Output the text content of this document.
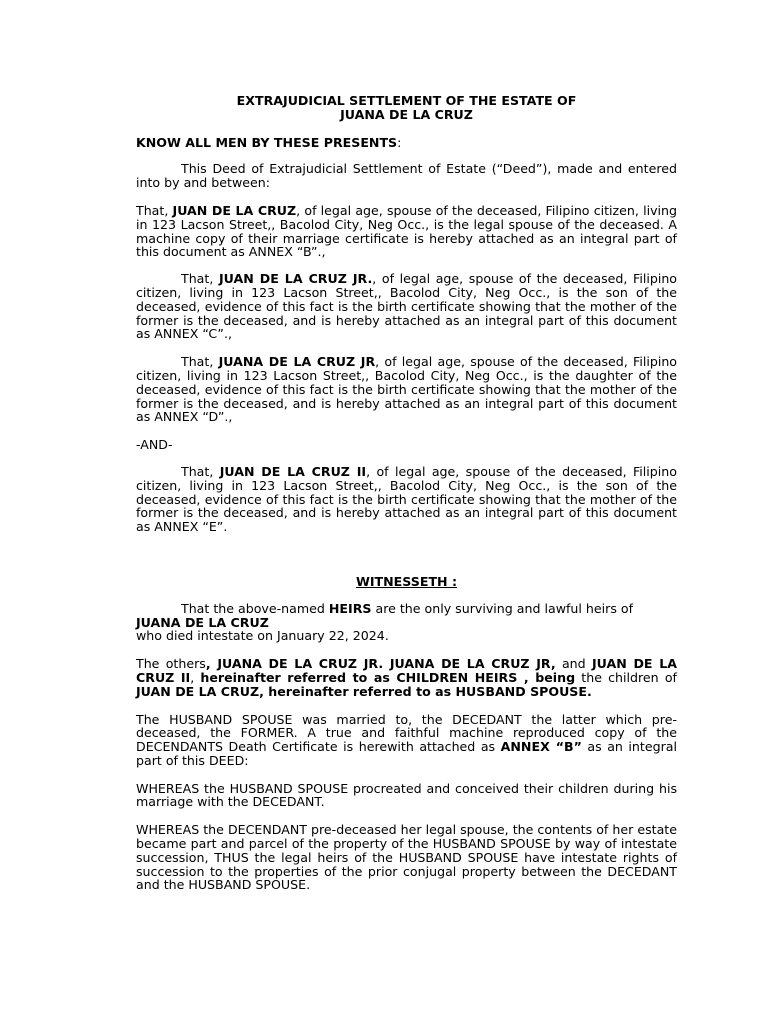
EXTRAJUDICIAL SETTLEMENT OF THE ESTATE OF
JUANA DE LA CRUZ

KNOW ALL MEN BY THESE PRESENTS:

This Deed of Extrajudicial Settlement of Estate (“Deed”), made and entered into by and between:

That, JUAN DE LA CRUZ, of legal age, spouse of the deceased, Filipino citizen, living in 123 Lacson Street,, Bacolod City, Neg Occ., is the legal spouse of the deceased. A machine copy of their marriage certificate is hereby attached as an integral part of this document as ANNEX “B”.,

That, JUAN DE LA CRUZ JR., of legal age, spouse of the deceased, Filipino citizen, living in 123 Lacson Street,, Bacolod City, Neg Occ., is the son of the deceased, evidence of this fact is the birth certificate showing that the mother of the former is the deceased, and is hereby attached as an integral part of this document as ANNEX “C”.,

That, JUANA DE LA CRUZ JR, of legal age, spouse of the deceased, Filipino citizen, living in 123 Lacson Street,, Bacolod City, Neg Occ., is the daughter of the deceased, evidence of this fact is the birth certificate showing that the mother of the former is the deceased, and is hereby attached as an integral part of this document as ANNEX “D”.,

-AND-

That, JUAN DE LA CRUZ II, of legal age, spouse of the deceased, Filipino citizen, living in 123 Lacson Street,, Bacolod City, Neg Occ., is the son of the deceased, evidence of this fact is the birth certificate showing that the mother of the former is the deceased, and is hereby attached as an integral part of this document as ANNEX “E”.

WITNESSETH :

That the above-named HEIRS are the only surviving and lawful heirs of

JUANA DE LA CRUZ

who died intestate on January 22, 2024.

The others, JUANA DE LA CRUZ JR. JUANA DE LA CRUZ JR, and JUAN DE LA CRUZ II, hereinafter referred to as CHILDREN HEIRS , being the children of JUAN DE LA CRUZ, hereinafter referred to as HUSBAND SPOUSE.

The HUSBAND SPOUSE was married to, the DECEDANT the latter which pre-deceased, the FORMER. A true and faithful machine reproduced copy of the DECENDANTS Death Certificate is herewith attached as ANNEX “B” as an integral part of this DEED:

WHEREAS the HUSBAND SPOUSE procreated and conceived their children during his marriage with the DECEDANT.

WHEREAS the DECENDANT pre-deceased her legal spouse, the contents of her estate became part and parcel of the property of the HUSBAND SPOUSE by way of intestate succession, THUS the legal heirs of the HUSBAND SPOUSE have intestate rights of succession to the properties of the prior conjugal property between the DECEDANT and the HUSBAND SPOUSE.
